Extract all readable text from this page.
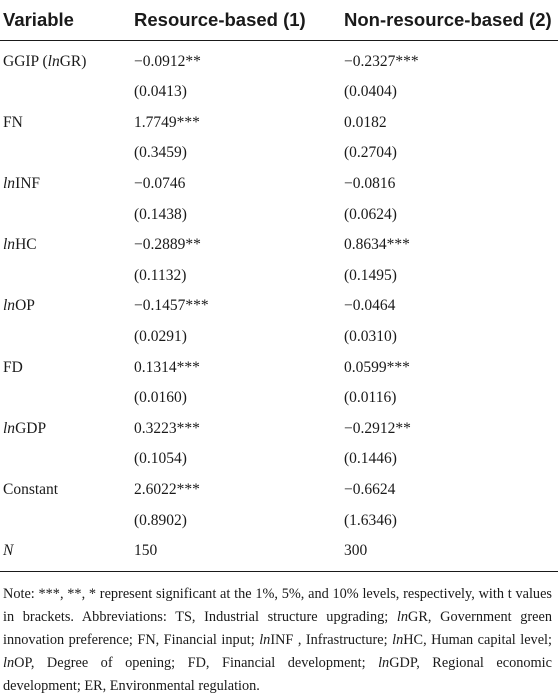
Variable	Resource-based (1)	Non-resource-based (2)
GGIP (lnGR)	−0.0912**	−0.2327***
	(0.0413)	(0.0404)
FN	1.7749***	0.0182
	(0.3459)	(0.2704)
lnINF	−0.0746	−0.0816
	(0.1438)	(0.0624)
lnHC	−0.2889**	0.8634***
	(0.1132)	(0.1495)
lnOP	−0.1457***	−0.0464
	(0.0291)	(0.0310)
FD	0.1314***	0.0599***
	(0.0160)	(0.0116)
lnGDP	0.3223***	−0.2912**
	(0.1054)	(0.1446)
Constant	2.6022***	−0.6624
	(0.8902)	(1.6346)
N	150	300

Note: ***, **, * represent significant at the 1%, 5%, and 10% levels, respectively, with t values in brackets. Abbreviations: TS, Industrial structure upgrading; lnGR, Government green innovation preference; FN, Financial input; lnINF , Infrastructure; lnHC, Human capital level; lnOP, Degree of opening; FD, Financial development; lnGDP, Regional economic development; ER, Environmental regulation.
